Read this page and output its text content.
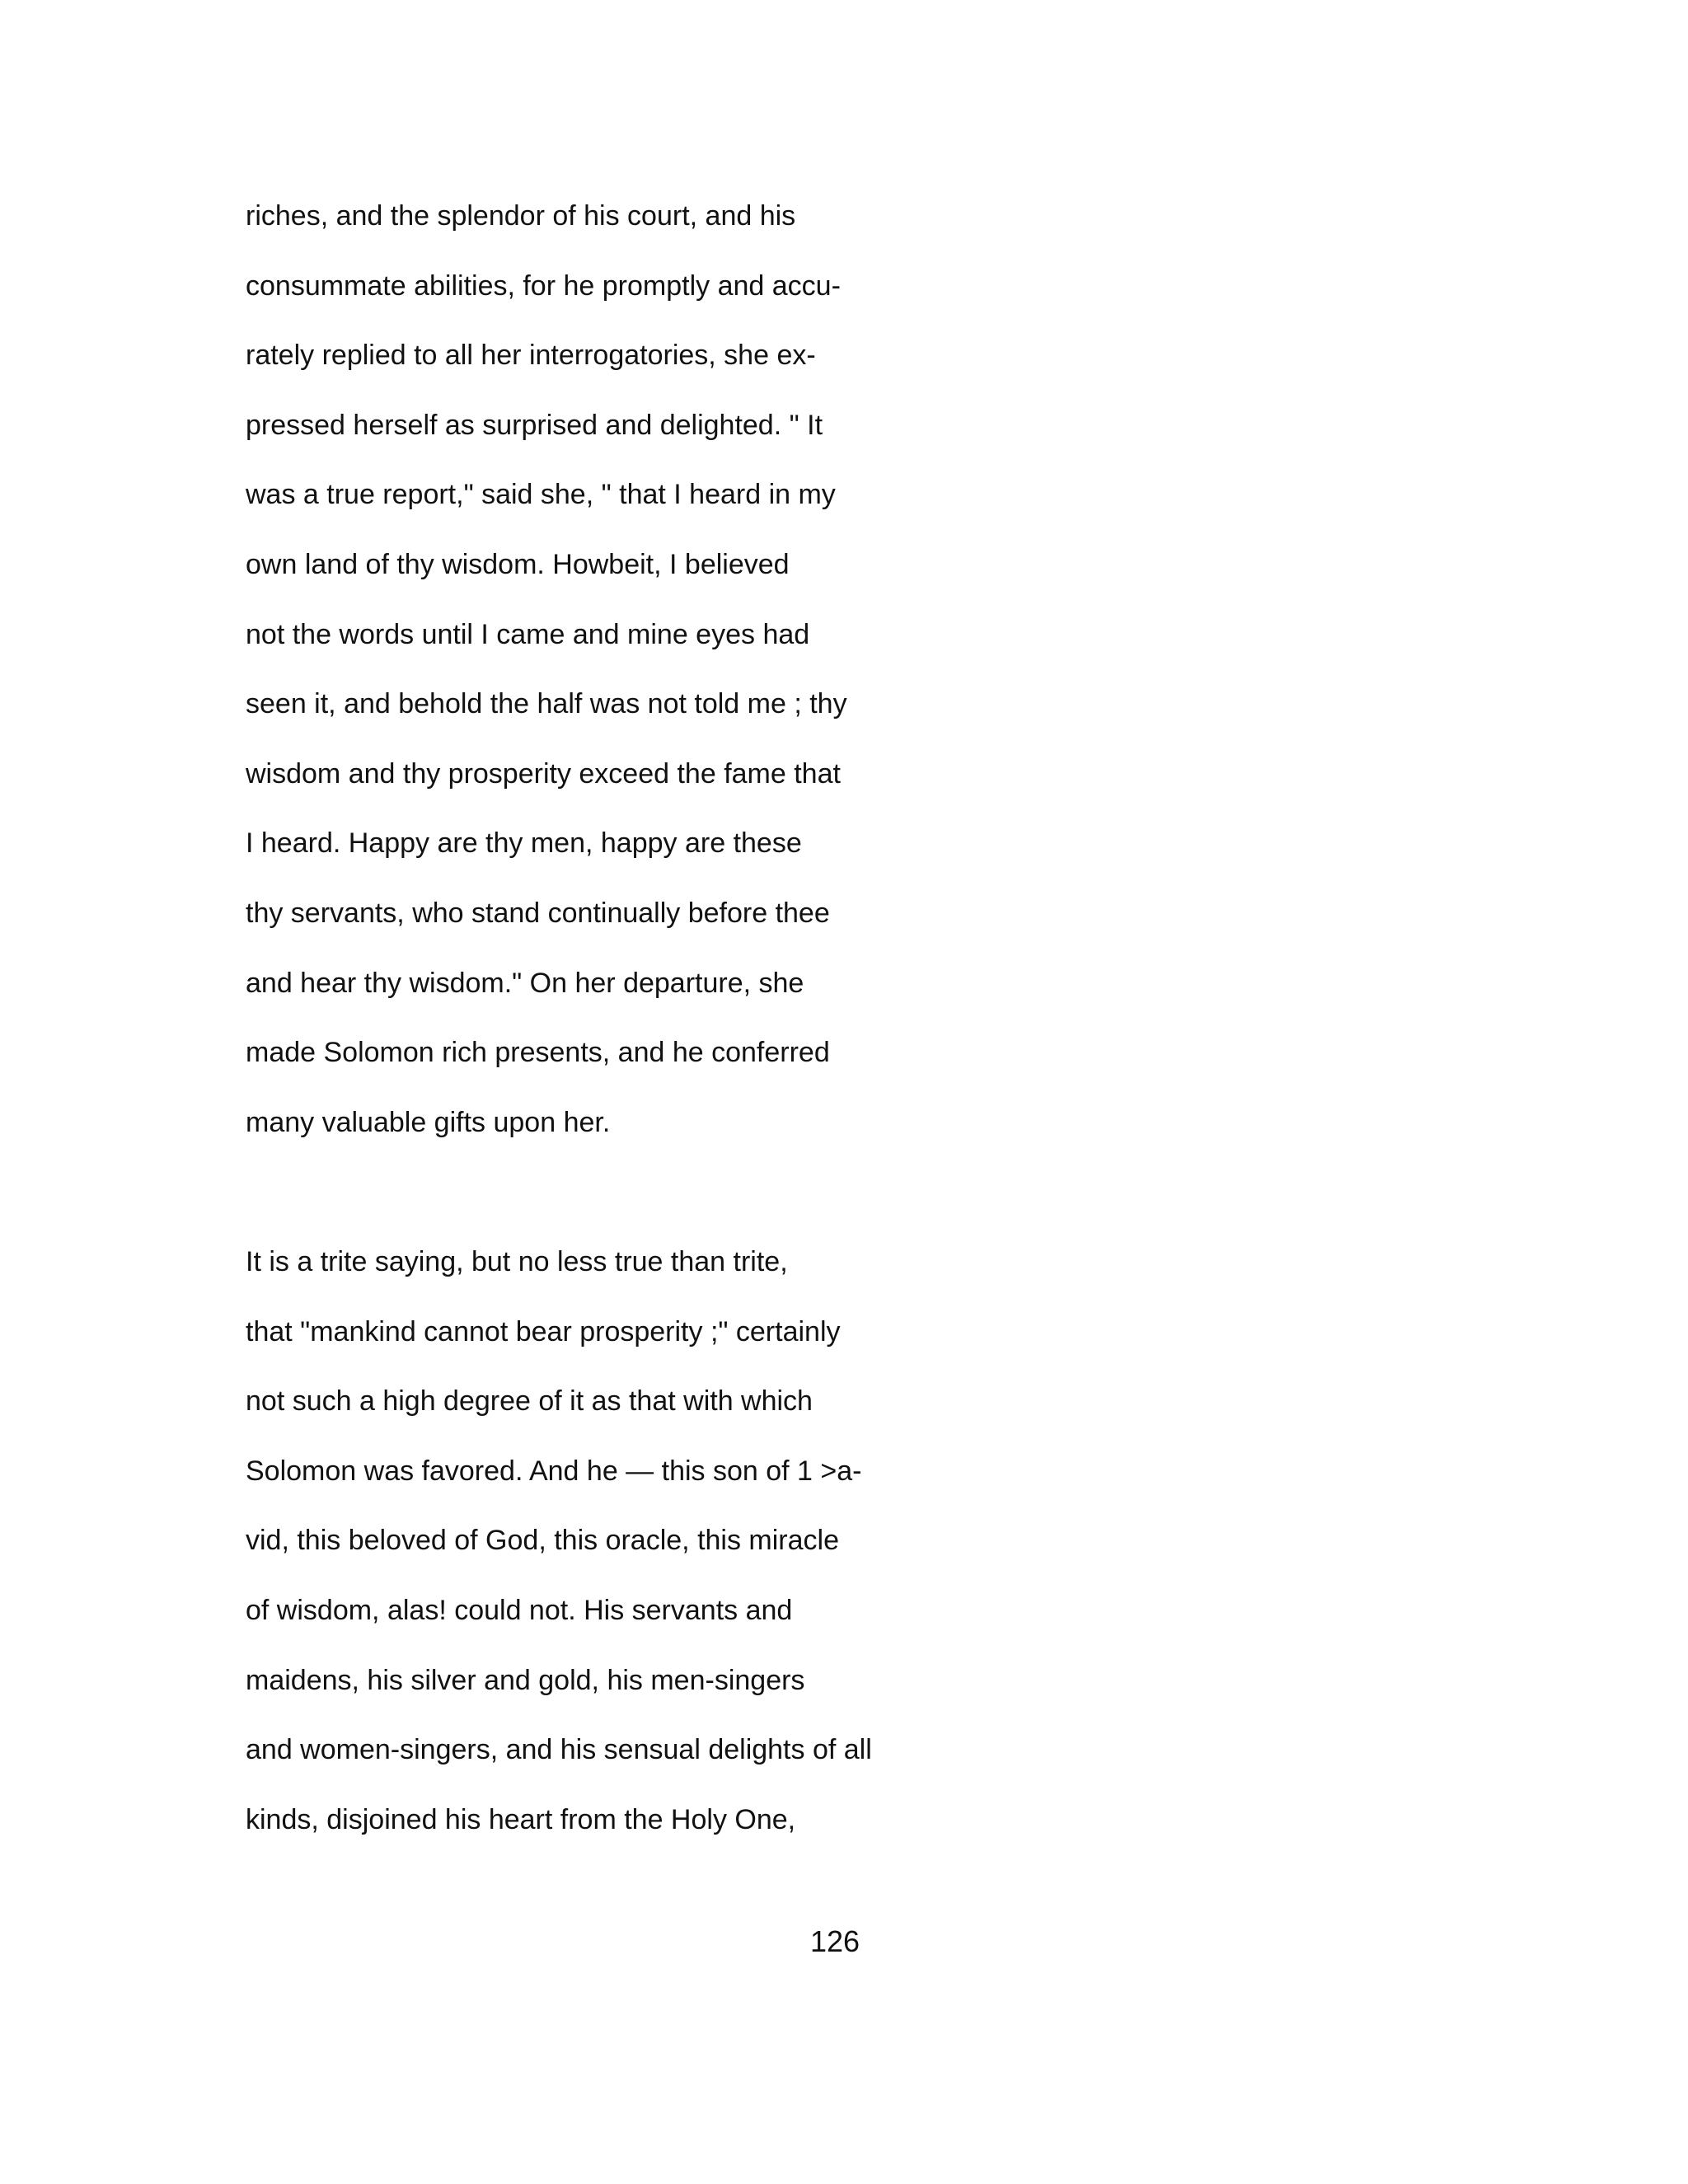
riches, and the splendor of his court, and his
consummate abilities, for he promptly and accu-
rately replied to all her interrogatories, she ex-
pressed herself as surprised and delighted. " It
was a true report," said she, " that I heard in my
own land of thy wisdom. Howbeit, I believed
not the words until I came and mine eyes had
seen it, and behold the half was not told me ; thy
wisdom and thy prosperity exceed the fame that
I heard. Happy are thy men, happy are these
thy servants, who stand continually before thee
and hear thy wisdom." On her departure, she
made Solomon rich presents, and he conferred
many valuable gifts upon her.
It is a trite saying, but no less true than trite,
that "mankind cannot bear prosperity ;" certainly
not such a high degree of it as that with which
Solomon was favored. And he — this son of 1 >a-
vid, this beloved of God, this oracle, this miracle
of wisdom, alas! could not. His servants and
maidens, his silver and gold, his men-singers
and women-singers, and his sensual delights of all
kinds, disjoined his heart from the Holy One,
126
